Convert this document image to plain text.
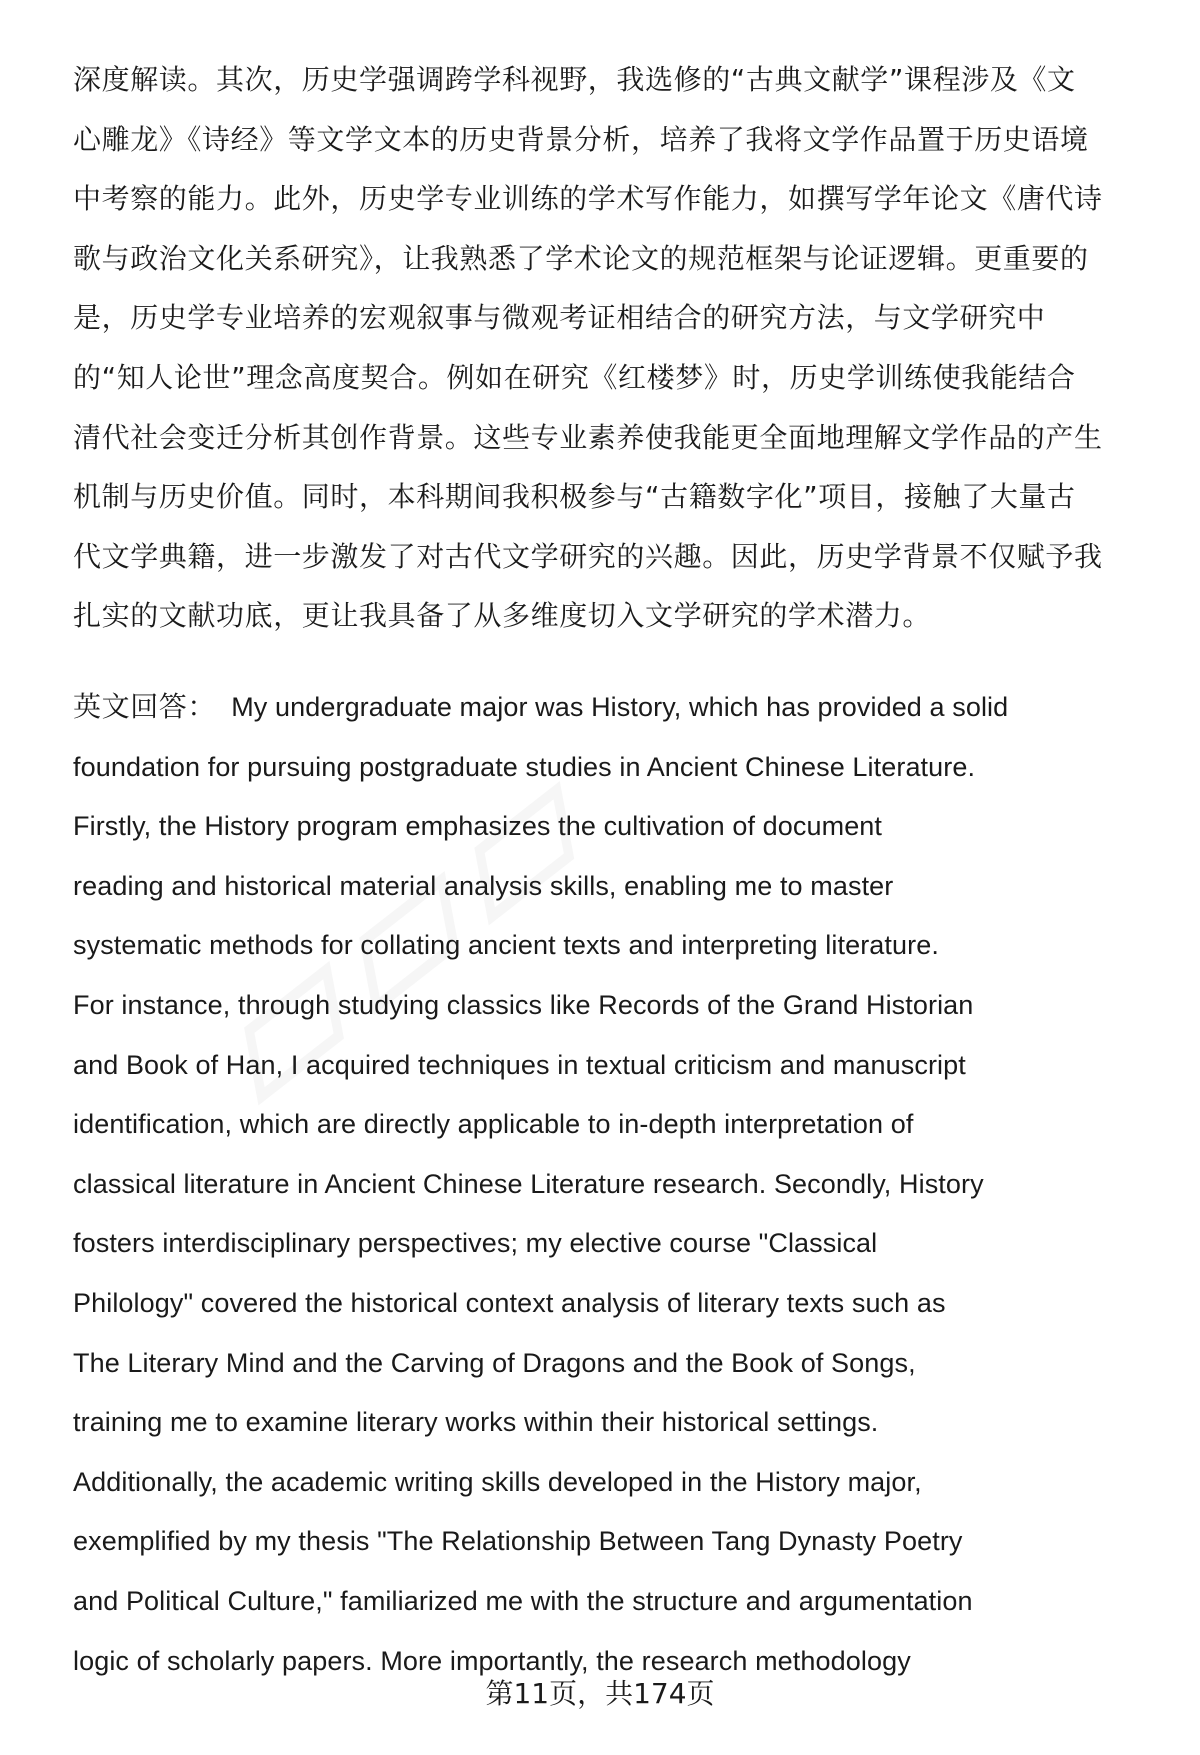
深度解读。其次，历史学强调跨学科视野，我选修的“古典文献学”课程涉及《文
心雕龙》《诗经》等文学文本的历史背景分析，培养了我将文学作品置于历史语境
中考察的能力。此外，历史学专业训练的学术写作能力，如撰写学年论文《唐代诗
歌与政治文化关系研究》，让我熟悉了学术论文的规范框架与论证逻辑。更重要的
是，历史学专业培养的宏观叙事与微观考证相结合的研究方法，与文学研究中
的“知人论世”理念高度契合。例如在研究《红楼梦》时，历史学训练使我能结合
清代社会变迁分析其创作背景。这些专业素养使我能更全面地理解文学作品的产生
机制与历史价值。同时，本科期间我积极参与“古籍数字化”项目，接触了大量古
代文学典籍，进一步激发了对古代文学研究的兴趣。因此，历史学背景不仅赋予我
扎实的文献功底，更让我具备了从多维度切入文学研究的学术潜力。
英文回答： My undergraduate major was History, which has provided a solid
foundation for pursuing postgraduate studies in Ancient Chinese Literature.
Firstly, the History program emphasizes the cultivation of document
reading and historical material analysis skills, enabling me to master
systematic methods for collating ancient texts and interpreting literature.
For instance, through studying classics like Records of the Grand Historian
and Book of Han, I acquired techniques in textual criticism and manuscript
identification, which are directly applicable to in-depth interpretation of
classical literature in Ancient Chinese Literature research. Secondly, History
fosters interdisciplinary perspectives; my elective course "Classical
Philology" covered the historical context analysis of literary texts such as
The Literary Mind and the Carving of Dragons and the Book of Songs,
training me to examine literary works within their historical settings.
Additionally, the academic writing skills developed in the History major,
exemplified by my thesis "The Relationship Between Tang Dynasty Poetry
and Political Culture," familiarized me with the structure and argumentation
logic of scholarly papers. More importantly, the research methodology
第11页，共174页
